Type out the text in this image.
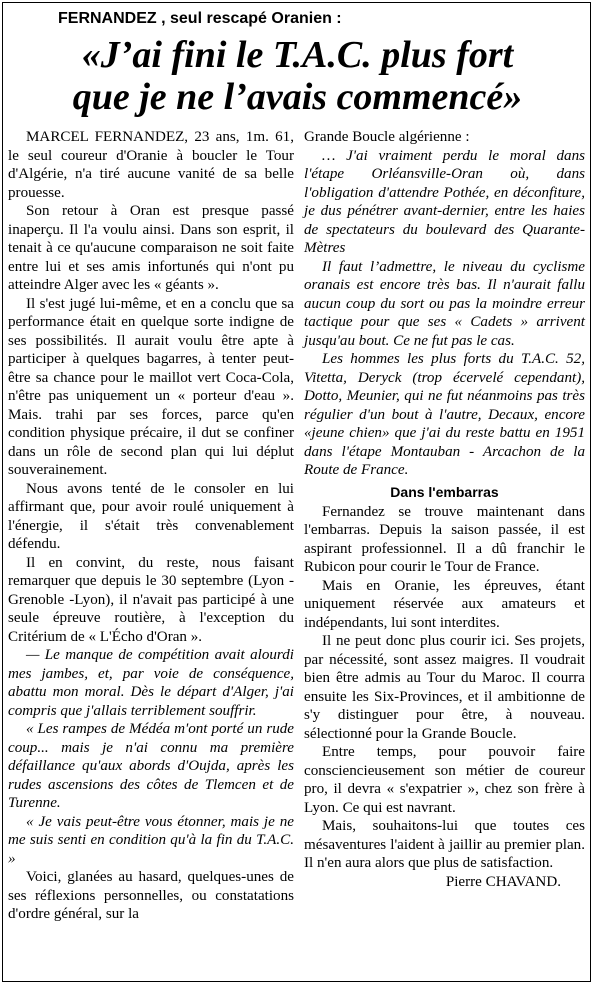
FERNANDEZ , seul rescapé Oranien :
«J’ai fini le T.A.C. plus fort
que je ne l’avais commencé»

MARCEL FERNANDEZ, 23 ans, 1m. 61, le seul coureur d'Oranie à boucler le Tour d'Algérie, n'a tiré aucune vanité de sa belle prouesse.

Son retour à Oran est presque passé inaperçu. Il l'a voulu ainsi. Dans son esprit, il tenait à ce qu'aucune comparaison ne soit faite entre lui et ses amis infortunés qui n'ont pu atteindre Alger avec les « géants ».

Il s'est jugé lui-même, et en a conclu que sa performance était en quelque sorte indigne de ses possibilités. Il aurait voulu être apte à participer à quelques bagarres, à tenter peut-être sa chance pour le maillot vert Coca-Cola, n'être pas uniquement un « porteur d'eau ». Mais. trahi par ses forces, parce qu'en condition physique précaire, il dut se confiner dans un rôle de second plan qui lui déplut souverainement.

Nous avons tenté de le consoler en lui affirmant que, pour avoir roulé uniquement à l'énergie, il s'était très convenablement défendu.

Il en convint, du reste, nous faisant remarquer que depuis le 30 septembre (Lyon - Grenoble -Lyon), il n'avait pas participé à une seule épreuve routière, à l'exception du Critérium de « L'Écho d'Oran ».

— Le manque de compétition avait alourdi mes jambes, et, par voie de conséquence, abattu mon moral. Dès le départ d'Alger, j'ai compris que j'allais terriblement souffrir.

« Les rampes de Médéa m'ont porté un rude coup... mais je n'ai connu ma première défaillance qu'aux abords d'Oujda, après les rudes ascensions des côtes de Tlemcen et de Turenne.

« Je vais peut-être vous étonner, mais je ne me suis senti en condition qu'à la fin du T.A.C. »

Voici, glanées au hasard, quelques-unes de ses réflexions personnelles, ou constatations d'ordre général, sur la

Grande Boucle algérienne :

… J'ai vraiment perdu le moral dans l'étape Orléansville-Oran où, dans l'obligation d'attendre Pothée, en déconfiture, je dus pénétrer avant-dernier, entre les haies de spectateurs du boulevard des Quarante-Mètres

Il faut l’admettre, le niveau du cyclisme oranais est encore très bas. Il n'aurait fallu aucun coup du sort ou pas la moindre erreur tactique pour que ses « Cadets » arrivent jusqu'au bout. Ce ne fut pas le cas.

Les hommes les plus forts du T.A.C. 52, Vitetta, Deryck (trop écervelé cependant), Dotto, Meunier, qui ne fut néanmoins pas très régulier d'un bout à l'autre, Decaux, encore «jeune chien» que j'ai du reste battu en 1951 dans l'étape Montauban - Arcachon de la Route de France.

Dans l'embarras

Fernandez se trouve maintenant dans l'embarras. Depuis la saison passée, il est aspirant professionnel. Il a dû franchir le Rubicon pour courir le Tour de France.

Mais en Oranie, les épreuves, étant uniquement réservée aux amateurs et indépendants, lui sont interdites.

Il ne peut donc plus courir ici. Ses projets, par nécessité, sont assez maigres. Il voudrait bien être admis au Tour du Maroc. Il courra ensuite les Six-Provinces, et il ambitionne de s'y distinguer pour être, à nouveau. sélectionné pour la Grande Boucle.

Entre temps, pour pouvoir faire consciencieusement son métier de coureur pro, il devra « s'expatrier », chez son frère à Lyon. Ce qui est navrant.

Mais, souhaitons-lui que toutes ces mésaventures l'aident à jaillir au premier plan. Il n'en aura alors que plus de satisfaction.

Pierre CHAVAND.
